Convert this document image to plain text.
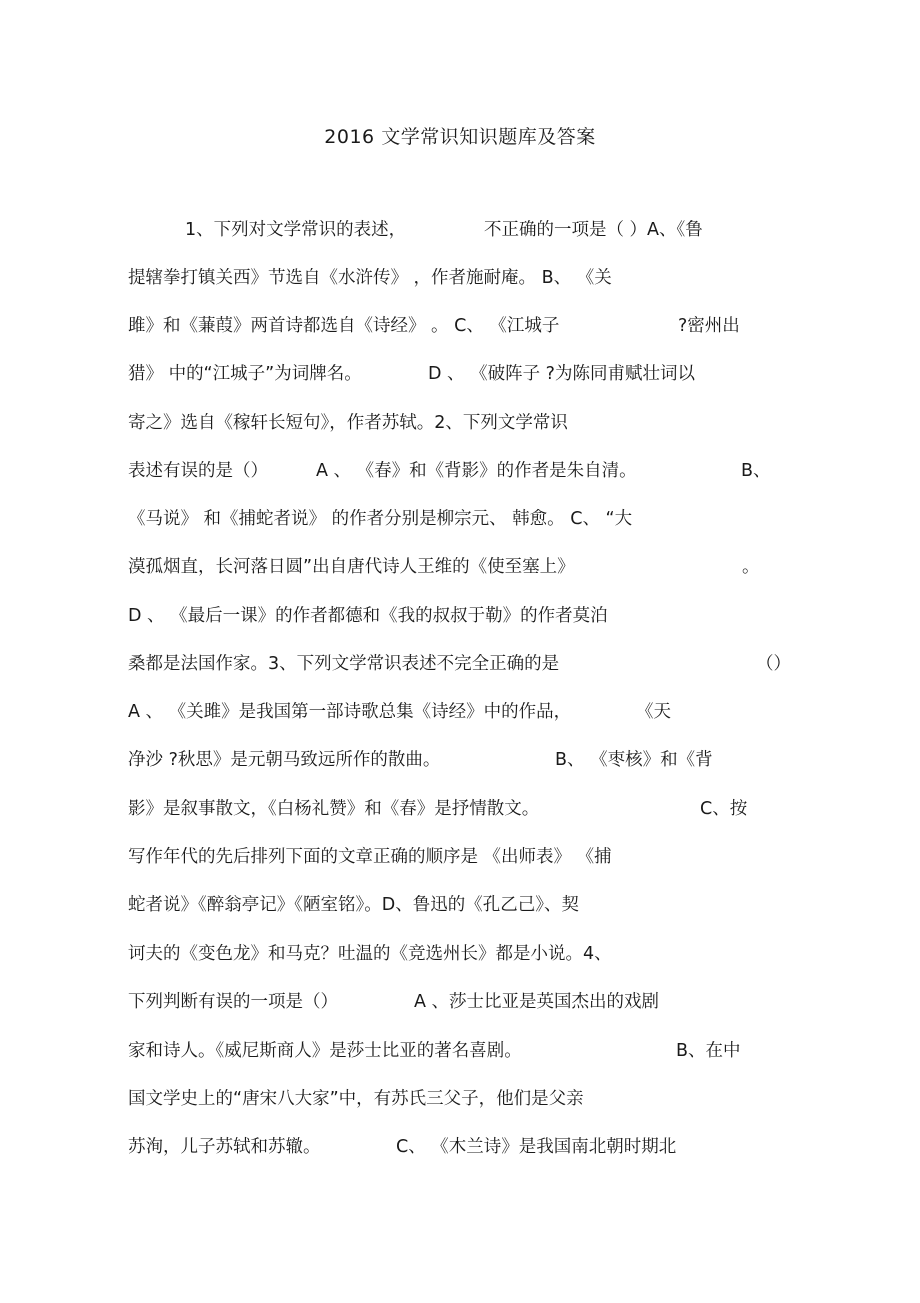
2016 文学常识知识题库及答案
1、下列对文学常识的表述，	不正确的一项是（ ）A、《鲁
提辖拳打镇关西》节选自《水浒传》 ，作者施耐庵。 B、 《关
雎》和《蒹葭》两首诗都选自《诗经》 。 C、 《江城子	?密州出
猎》 中的“江城子”为词牌名。	D 、 《破阵子 ?为陈同甫赋壮词以
寄之》选自《稼轩长短句》，作者苏轼。2、下列文学常识
表述有误的是（）	A 、 《春》和《背影》的作者是朱自清。	B、
《马说》 和《捕蛇者说》 的作者分别是柳宗元、 韩愈。 C、 “大
漠孤烟直，长河落日圆”出自唐代诗人王维的《使至塞上》	。
D 、 《最后一课》的作者都德和《我的叔叔于勒》的作者莫泊
桑都是法国作家。3、下列文学常识表述不完全正确的是	（）
A 、 《关雎》是我国第一部诗歌总集《诗经》中的作品，	《天
净沙 ?秋思》是元朝马致远所作的散曲。	B、 《枣核》和《背
影》是叙事散文，《白杨礼赞》和《春》是抒情散文。	C、按
写作年代的先后排列下面的文章正确的顺序是 《出师表》 《捕
蛇者说》《醉翁亭记》《陋室铭》。D、鲁迅的《孔乙己》、契
诃夫的《变色龙》和马克？吐温的《竞选州长》都是小说。4、
下列判断有误的一项是（）	A 、莎士比亚是英国杰出的戏剧
家和诗人。《威尼斯商人》是莎士比亚的著名喜剧。	B、在中
国文学史上的“唐宋八大家”中，有苏氏三父子，他们是父亲
苏洵，儿子苏轼和苏辙。	C、 《木兰诗》是我国南北朝时期北
